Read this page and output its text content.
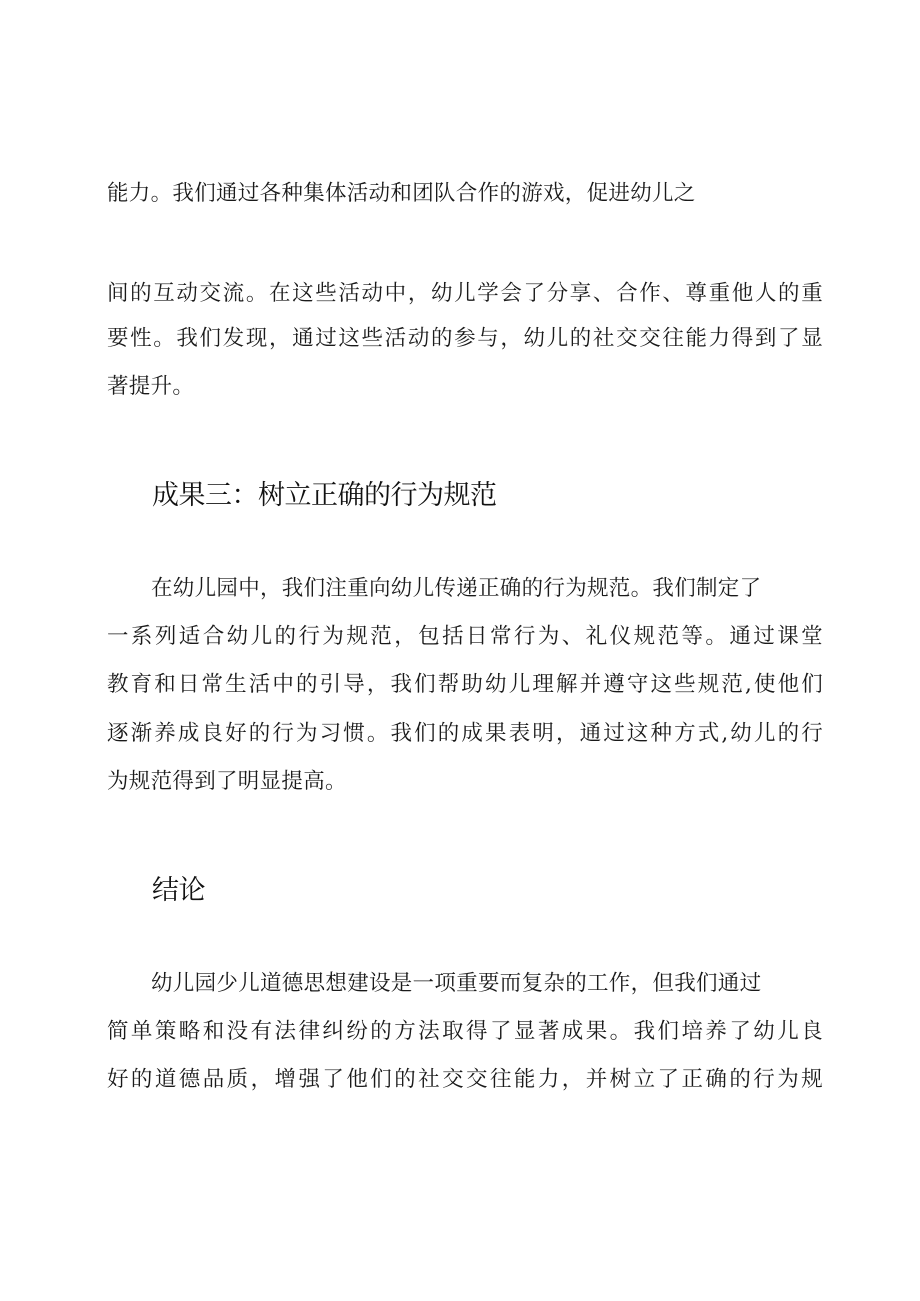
能力。我们通过各种集体活动和团队合作的游戏，促进幼儿之
间的互动交流。在这些活动中，幼儿学会了分享、合作、尊重他人的重
要性。我们发现，通过这些活动的参与，幼儿的社交交往能力得到了显
著提升。
成果三：树立正确的行为规范
在幼儿园中，我们注重向幼儿传递正确的行为规范。我们制定了
一系列适合幼儿的行为规范，包括日常行为、礼仪规范等。通过课堂
教育和日常生活中的引导，我们帮助幼儿理解并遵守这些规范,使他们
逐渐养成良好的行为习惯。我们的成果表明，通过这种方式,幼儿的行
为规范得到了明显提高。
结论
幼儿园少儿道德思想建设是一项重要而复杂的工作，但我们通过
简单策略和没有法律纠纷的方法取得了显著成果。我们培养了幼儿良
好的道德品质，增强了他们的社交交往能力，并树立了正确的行为规
